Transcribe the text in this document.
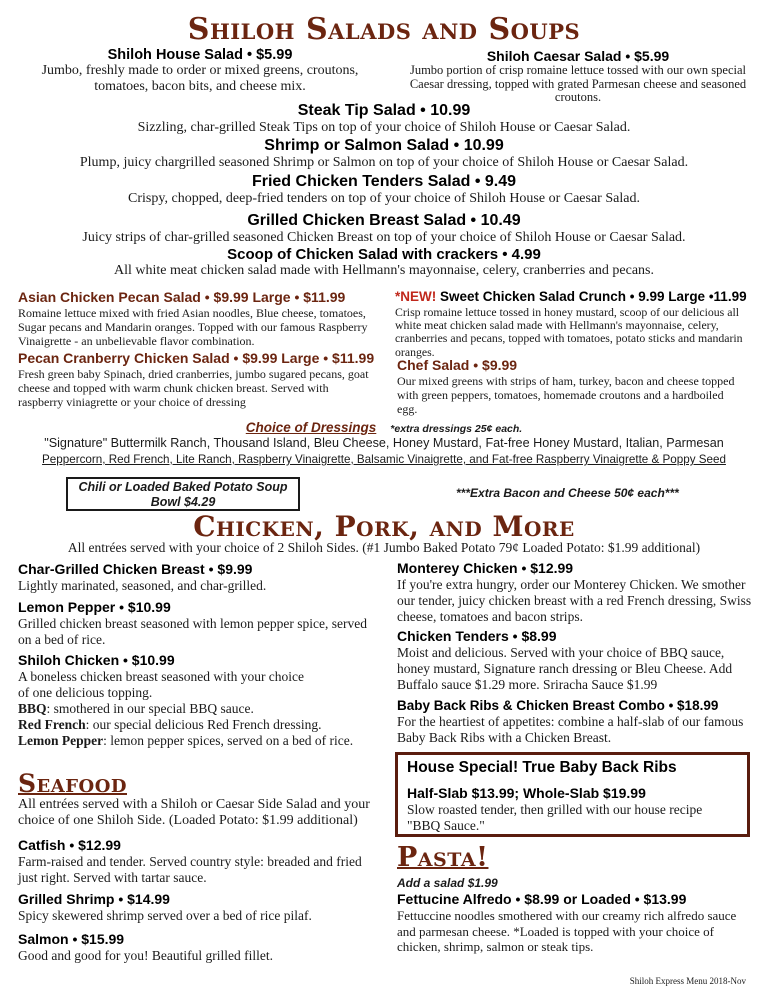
Shiloh Salads and Soups
Shiloh House Salad • $5.99
Jumbo, freshly made to order or mixed greens, croutons, tomatoes, bacon bits, and cheese mix.
Shiloh Caesar Salad • $5.99
Jumbo portion of crisp romaine lettuce tossed with our own special Caesar dressing, topped with grated Parmesan cheese and seasoned croutons.
Steak Tip Salad • 10.99
Sizzling, char-grilled Steak Tips on top of your choice of Shiloh House or Caesar Salad.
Shrimp or Salmon Salad • 10.99
Plump, juicy chargrilled seasoned Shrimp or Salmon on top of your choice of Shiloh House or Caesar Salad.
Fried Chicken Tenders Salad • 9.49
Crispy, chopped, deep-fried tenders on top of your choice of Shiloh House or Caesar Salad.
Grilled Chicken Breast Salad • 10.49
Juicy strips of char-grilled seasoned Chicken Breast on top of your choice of Shiloh House or Caesar Salad.
Scoop of Chicken Salad with crackers • 4.99
All white meat chicken salad made with Hellmann's mayonnaise, celery, cranberries and pecans.
Asian Chicken Pecan Salad • $9.99 Large • $11.99
Romaine lettuce mixed with fried Asian noodles, Blue cheese, tomatoes, Sugar pecans and Mandarin oranges. Topped with our famous Raspberry Vinaigrette - an unbelievable flavor combination.
Pecan Cranberry Chicken Salad • $9.99 Large • $11.99
Fresh green baby Spinach, dried cranberries, jumbo sugared pecans, goat cheese and topped with warm chunk chicken breast. Served with raspberry viniagrette or your choice of dressing
*NEW! Sweet Chicken Salad Crunch • 9.99 Large •11.99
Crisp romaine lettuce tossed in honey mustard, scoop of our delicious all white meat chicken salad made with Hellmann's mayonnaise, celery, cranberries and pecans, topped with tomatoes, potato sticks and mandarin oranges.
Chef Salad • $9.99
Our mixed greens with strips of ham, turkey, bacon and cheese topped with green peppers, tomatoes, homemade croutons and a hardboiled egg.
Choice of Dressings *extra dressings 25¢ each.
"Signature" Buttermilk Ranch, Thousand Island, Bleu Cheese, Honey Mustard, Fat-free Honey Mustard, Italian, Parmesan
Peppercorn, Red French, Lite Ranch, Raspberry Vinaigrette, Balsamic Vinaigrette, and Fat-free Raspberry Vinaigrette & Poppy Seed
Chili or Loaded Baked Potato Soup Bowl $4.29
***Extra Bacon and Cheese 50¢ each***
Chicken, Pork, and More
All entrées served with your choice of 2 Shiloh Sides. (#1 Jumbo Baked Potato 79¢ Loaded Potato: $1.99 additional)
Char-Grilled Chicken Breast • $9.99
Lightly marinated, seasoned, and char-grilled.
Lemon Pepper • $10.99
Grilled chicken breast seasoned with lemon pepper spice, served on a bed of rice.
Shiloh Chicken • $10.99
A boneless chicken breast seasoned with your choice of one delicious topping.
BBQ: smothered in our special BBQ sauce.
Red French: our special delicious Red French dressing.
Lemon Pepper: lemon pepper spices, served on a bed of rice.
Monterey Chicken • $12.99
If you're extra hungry, order our Monterey Chicken. We smother our tender, juicy chicken breast with a red French dressing, Swiss cheese, tomatoes and bacon strips.
Chicken Tenders • $8.99
Moist and delicious. Served with your choice of BBQ sauce, honey mustard, Signature ranch dressing or Bleu Cheese. Add Buffalo sauce $1.29 more. Sriracha Sauce $1.99
Baby Back Ribs & Chicken Breast Combo • $18.99
For the heartiest of appetites: combine a half-slab of our famous Baby Back Ribs with a Chicken Breast.
House Special! True Baby Back Ribs
Half-Slab $13.99; Whole-Slab $19.99
Slow roasted tender, then grilled with our house recipe "BBQ Sauce."
Seafood
All entrées served with a Shiloh or Caesar Side Salad and your choice of one Shiloh Side. (Loaded Potato: $1.99 additional)
Catfish • $12.99
Farm-raised and tender. Served country style: breaded and fried just right. Served with tartar sauce.
Grilled Shrimp • $14.99
Spicy skewered shrimp served over a bed of rice pilaf.
Salmon • $15.99
Good and good for you! Beautiful grilled fillet.
Pasta!
Add a salad $1.99
Fettucine Alfredo • $8.99 or Loaded • $13.99
Fettuccine noodles smothered with our creamy rich alfredo sauce and parmesan cheese. *Loaded is topped with your choice of chicken, shrimp, salmon or steak tips.
Shiloh Express Menu 2018-Nov
